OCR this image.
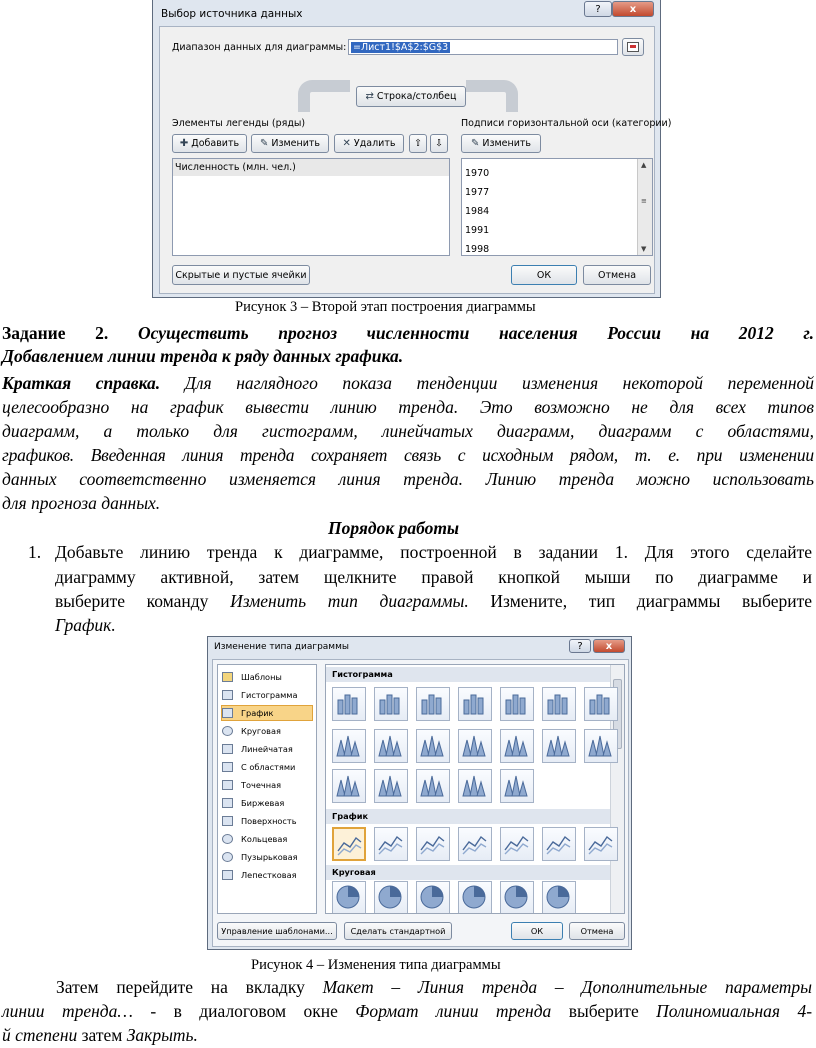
Выбор источника данных	?	x
Диапазон данных для диаграммы: =Лист1!$A$2:$G$3
⇄ Строка/столбец
Элементы легенды (ряды)
✚ Добавить ✎ Изменить ✕ Удалить	⇧	⇩
Численность (млн. чел.)
Подписи горизонтальной оси (категории)
✎ Изменить
1970
1977
1984
1991
1998
▲
≡
▼
Скрытые и пустые ячейки	ОК	Отмена
Рисунок 3 – Второй этап построения диаграммы
Задание 2. Осуществить прогноз численности населения России на 2012 г.
Добавлением линии тренда к ряду данных графика.
Краткая справка. Для наглядного показа тенденции изменения некоторой переменной
целесообразно на график вывести линию тренда. Это возможно не для всех типов
диаграмм, а только для гистограмм, линейчатых диаграмм, диаграмм с областями,
графиков. Введенная линия тренда сохраняет связь с исходным рядом, т. е. при изменении
данных соответственно изменяется линия тренда. Линию тренда можно использовать
для прогноза данных.
Порядок работы
1. Добавьте линию тренда к диаграмме, построенной в задании 1. Для этого сделайте
диаграмму активной, затем щелкните правой кнопкой мыши по диаграмме и
выберите команду Изменить тип диаграммы. Измените, тип диаграммы выберите
График.
Изменение типа диаграммы	?	x
Шаблоны
Гистограмма
График
Круговая
Линейчатая
С областями
Точечная
Биржевая
Поверхность
Кольцевая
Пузырьковая
Лепестковая
Гистограмма
График
Круговая
Управление шаблонами...	Сделать стандартной	ОК	Отмена
Рисунок 4 – Изменения типа диаграммы
Затем перейдите на вкладку Макет – Линия тренда – Дополнительные параметры
линии тренда… - в диалоговом окне Формат линии тренда выберите Полиномиальная 4-
й степени затем Закрыть.
